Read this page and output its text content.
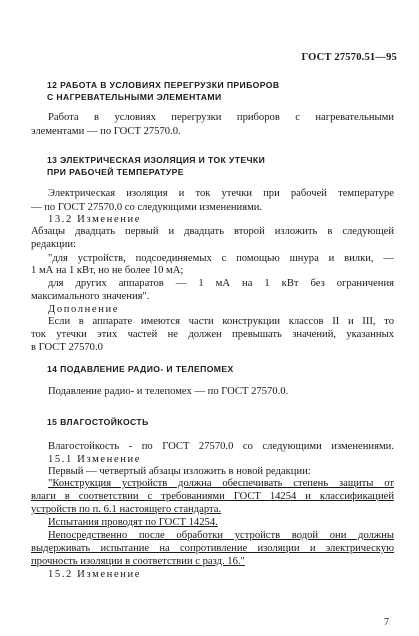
ГОСТ 27570.51—95
12 РАБОТА В УСЛОВИЯХ ПЕРЕГРУЗКИ ПРИБОРОВ
С НАГРЕВАТЕЛЬНЫМИ ЭЛЕМЕНТАМИ
Работа в условиях перегрузки приборов с нагревательными
элементами — по ГОСТ 27570.0.
13 ЭЛЕКТРИЧЕСКАЯ ИЗОЛЯЦИЯ И ТОК УТЕЧКИ
ПРИ РАБОЧЕЙ ТЕМПЕРАТУРЕ
Электрическая изоляция и ток утечки при рабочей температуре
— по ГОСТ 27570.0 со следующими изменениями.
13.2 Изменение
Абзацы двадцать первый и двадцать второй изложить в следующей
редакции:
"для устройств, подсоединяемых с помощью шнура и вилки, —
1 мА на 1 кВт, но не более 10 мА;
для других аппаратов — 1 мА на 1 кВт без ограничения
максимального значения".
Дополнение
Если в аппарате имеются части конструкции классов II и III, то
ток утечки этих частей не должен превышать значений, указанных
в ГОСТ 27570.0
14 ПОДАВЛЕНИЕ РАДИО- И ТЕЛЕПОМЕХ
Подавление радио- и телепомех — по ГОСТ 27570.0.
15 ВЛАГОСТОЙКОСТЬ
Влагостойкость - по ГОСТ 27570.0 со следующими изменениями.
15.1 Изменение
Первый — четвертый абзацы изложить в новой редакции:
"Конструкция устройств должна обеспечивать степень защиты от
влаги в соответствии с требованиями ГОСТ 14254 и классификацией
устройств по п. 6.1 настоящего стандарта.
Испытания проводят по ГОСТ 14254.
Непосредственно после обработки устройств водой они должны
выдерживать испытание на сопротивление изоляции и электрическую
прочность изоляции в соответствии с разд. 16."
15.2 Изменение
7
